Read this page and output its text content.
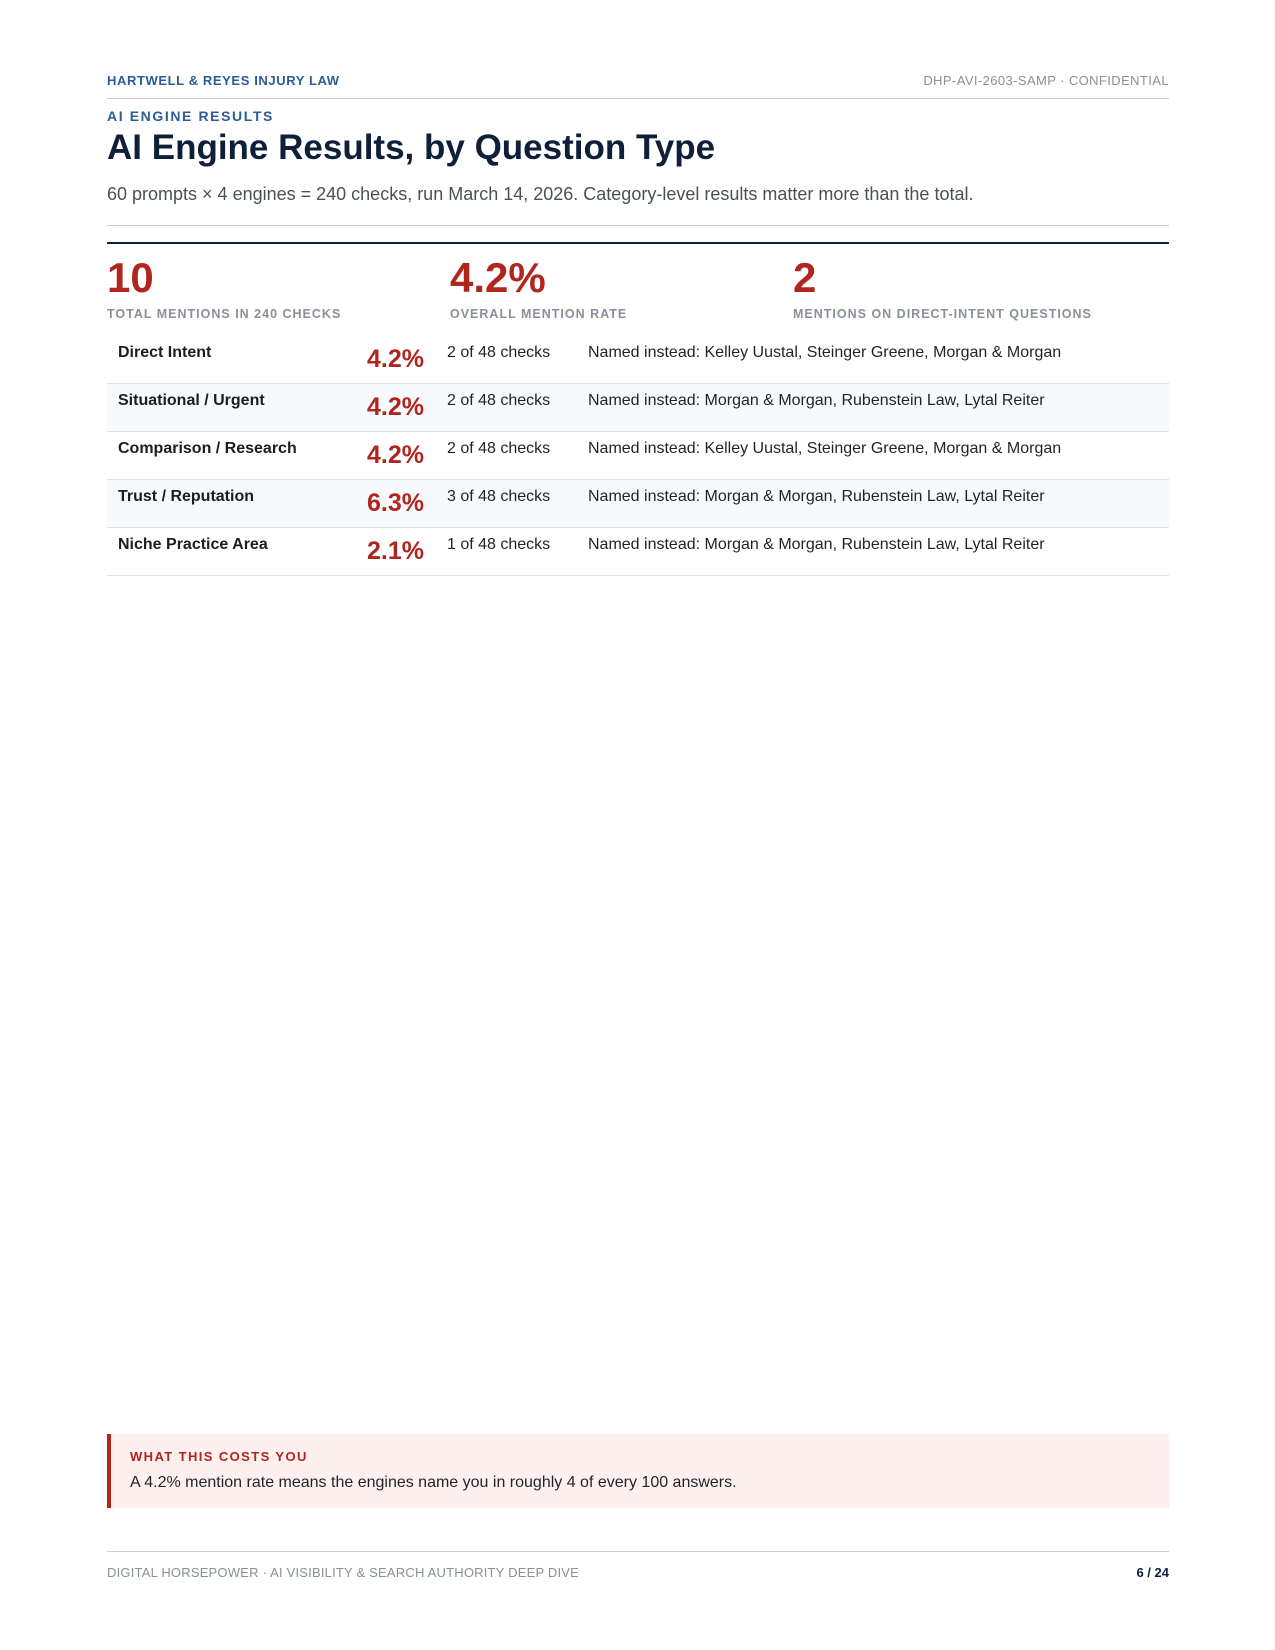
HARTWELL & REYES INJURY LAW	DHP-AVI-2603-SAMP · CONFIDENTIAL
AI ENGINE RESULTS
AI Engine Results, by Question Type
60 prompts × 4 engines = 240 checks, run March 14, 2026. Category-level results matter more than the total.
10
TOTAL MENTIONS IN 240 CHECKS
4.2%
OVERALL MENTION RATE
2
MENTIONS ON DIRECT-INTENT QUESTIONS
Direct Intent	4.2% 2 of 48 checks Named instead: Kelley Uustal, Steinger Greene, Morgan & Morgan
Situational / Urgent	4.2% 2 of 48 checks Named instead: Morgan & Morgan, Rubenstein Law, Lytal Reiter
Comparison / Research	4.2% 2 of 48 checks Named instead: Kelley Uustal, Steinger Greene, Morgan & Morgan
Trust / Reputation	6.3% 3 of 48 checks Named instead: Morgan & Morgan, Rubenstein Law, Lytal Reiter
Niche Practice Area	2.1% 1 of 48 checks Named instead: Morgan & Morgan, Rubenstein Law, Lytal Reiter
WHAT THIS COSTS YOU
A 4.2% mention rate means the engines name you in roughly 4 of every 100 answers.
DIGITAL HORSEPOWER · AI VISIBILITY & SEARCH AUTHORITY DEEP DIVE	6 / 24
